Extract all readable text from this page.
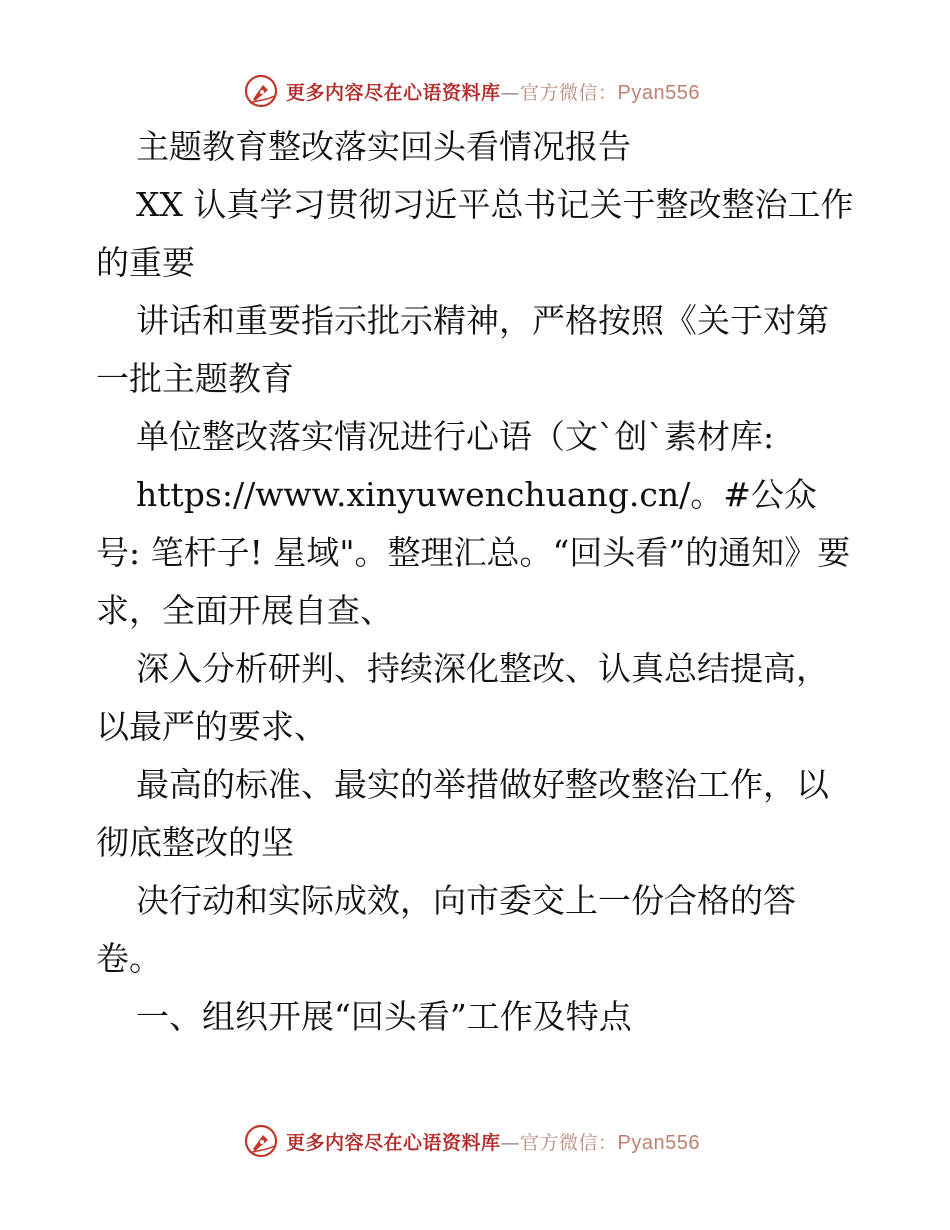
更多内容尽在心语资料库—官方微信：Pyan556

主题教育整改落实回头看情况报告

XX 认真学习贯彻习近平总书记关于整改整治工作的重要

讲话和重要指示批示精神，严格按照《关于对第一批主题教育

单位整改落实情况进行心语（文`创`素材库:

https://www.xinyuwenchuang.cn/。#公众号: 笔杆子! 星域"。整理汇总。“回头看”的通知》要求，全面开展自查、

深入分析研判、持续深化整改、认真总结提高，以最严的要求、

最高的标准、最实的举措做好整改整治工作，以彻底整改的坚

决行动和实际成效，向市委交上一份合格的答卷。

一、组织开展“回头看”工作及特点

更多内容尽在心语资料库—官方微信：Pyan556
